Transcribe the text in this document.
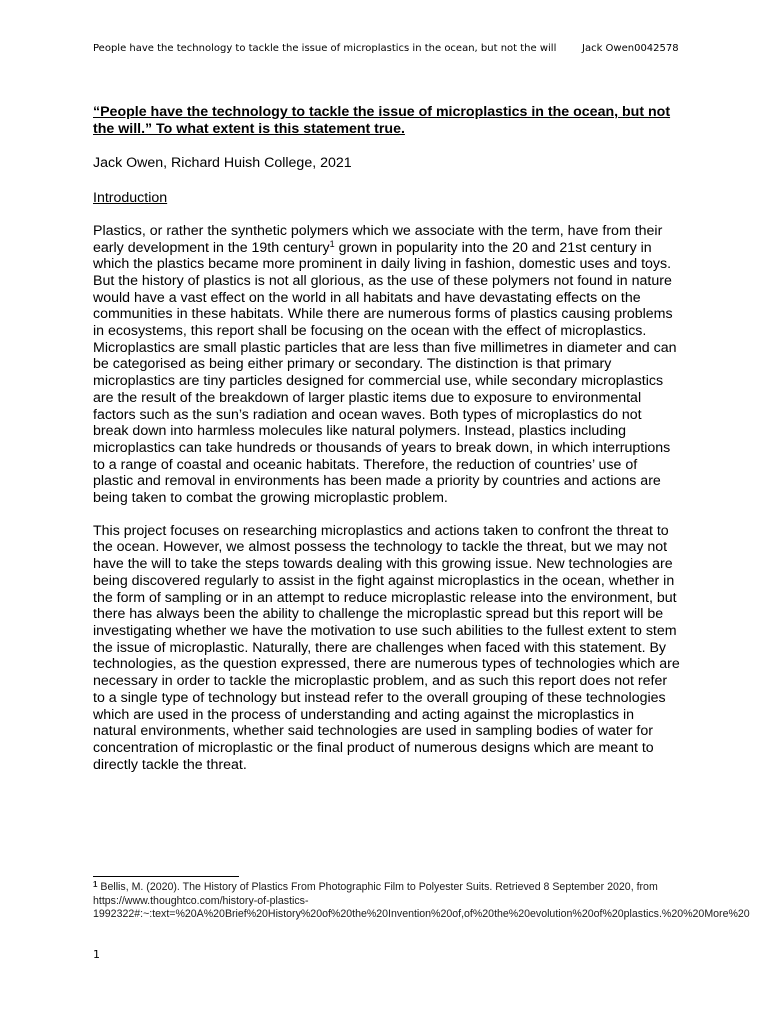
People have the technology to tackle the issue of microplastics in the ocean, but not the will	Jack Owen0042578

“People have the technology to tackle the issue of microplastics in the ocean, but not the will.” To what extent is this statement true.

Jack Owen, Richard Huish College, 2021

Introduction

Plastics, or rather the synthetic polymers which we associate with the term, have from their early development in the 19th century$^1$ grown in popularity into the 20 and 21st century in which the plastics became more prominent in daily living in fashion, domestic uses and toys. But the history of plastics is not all glorious, as the use of these polymers not found in nature would have a vast effect on the world in all habitats and have devastating effects on the communities in these habitats. While there are numerous forms of plastics causing problems in ecosystems, this report shall be focusing on the ocean with the effect of microplastics.

Microplastics are small plastic particles that are less than five millimetres in diameter and can be categorised as being either primary or secondary. The distinction is that primary microplastics are tiny particles designed for commercial use, while secondary microplastics are the result of the breakdown of larger plastic items due to exposure to environmental factors such as the sun’s radiation and ocean waves. Both types of microplastics do not break down into harmless molecules like natural polymers. Instead, plastics including microplastics can take hundreds or thousands of years to break down, in which interruptions to a range of coastal and oceanic habitats. Therefore, the reduction of countries’ use of plastic and removal in environments has been made a priority by countries and actions are being taken to combat the growing microplastic problem.

This project focuses on researching microplastics and actions taken to confront the threat to the ocean. However, we almost possess the technology to tackle the threat, but we may not have the will to take the steps towards dealing with this growing issue. New technologies are being discovered regularly to assist in the fight against microplastics in the ocean, whether in the form of sampling or in an attempt to reduce microplastic release into the environment, but there has always been the ability to challenge the microplastic spread but this report will be investigating whether we have the motivation to use such abilities to the fullest extent to stem the issue of microplastic. Naturally, there are challenges when faced with this statement. By technologies, as the question expressed, there are numerous types of technologies which are necessary in order to tackle the microplastic problem, and as such this report does not refer to a single type of technology but instead refer to the overall grouping of these technologies which are used in the process of understanding and acting against the microplastics in natural environments, whether said technologies are used in sampling bodies of water for concentration of microplastic or the final product of numerous designs which are meant to directly tackle the threat.

$^1$ Bellis, M. (2020). The History of Plastics From Photographic Film to Polyester Suits. Retrieved 8 September 2020, from https://www.thoughtco.com/history-of-plastics-1992322#:~:text=%20A%20Brief%20History%20of%20the%20Invention%20of,of%20the%20evolution%20of%20plastics.%20%20More%20
1
